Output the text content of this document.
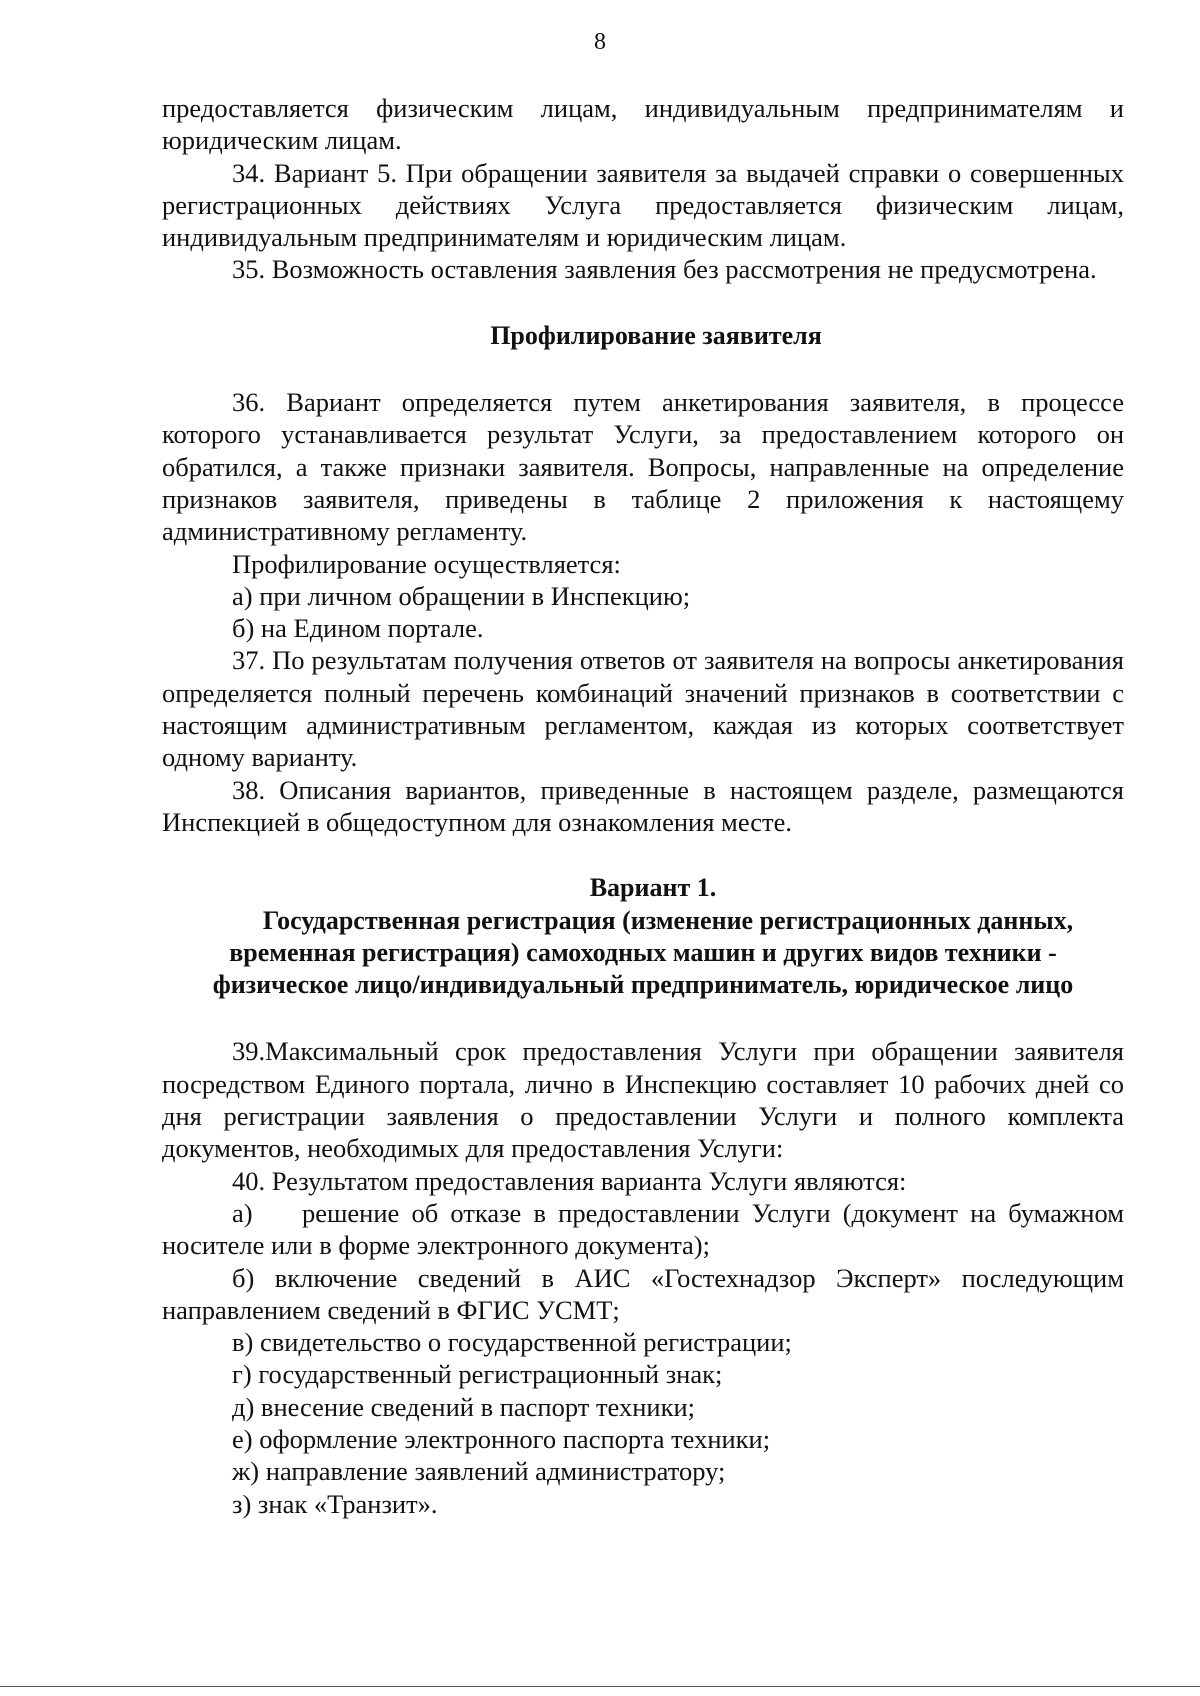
8

предоставляется физическим лицам, индивидуальным предпринимателям и юридическим лицам.

34. Вариант 5. При обращении заявителя за выдачей справки о совершенных регистрационных действиях Услуга предоставляется физическим лицам, индивидуальным предпринимателям и юридическим лицам.

35. Возможность оставления заявления без рассмотрения не предусмотрена.

Профилирование заявителя

36. Вариант определяется путем анкетирования заявителя, в процессе которого устанавливается результат Услуги, за предоставлением которого он обратился, а также признаки заявителя. Вопросы, направленные на определение признаков заявителя, приведены в таблице 2 приложения к настоящему административному регламенту.

Профилирование осуществляется:

а) при личном обращении в Инспекцию;

б) на Едином портале.

37. По результатам получения ответов от заявителя на вопросы анкетирования определяется полный перечень комбинаций значений признаков в соответствии с настоящим административным регламентом, каждая из которых соответствует одному варианту.

38. Описания вариантов, приведенные в настоящем разделе, размещаются Инспекцией в общедоступном для ознакомления месте.

Вариант 1.

Государственная регистрация (изменение регистрационных данных,

временная регистрация) самоходных машин и других видов техники -

физическое лицо/индивидуальный предприниматель, юридическое лицо

39.Максимальный срок предоставления Услуги при обращении заявителя посредством Единого портала, лично в Инспекцию составляет 10 рабочих дней со дня регистрации заявления о предоставлении Услуги и полного комплекта документов, необходимых для предоставления Услуги:

40. Результатом предоставления варианта Услуги являются:

а) решение об отказе в предоставлении Услуги (документ на бумажном носителе или в форме электронного документа);

б) включение сведений в АИС «Гостехнадзор Эксперт» последующим направлением сведений в ФГИС УСМТ;

в) свидетельство о государственной регистрации;

г) государственный регистрационный знак;

д) внесение сведений в паспорт техники;

е) оформление электронного паспорта техники;

ж) направление заявлений администратору;

з) знак «Транзит».
